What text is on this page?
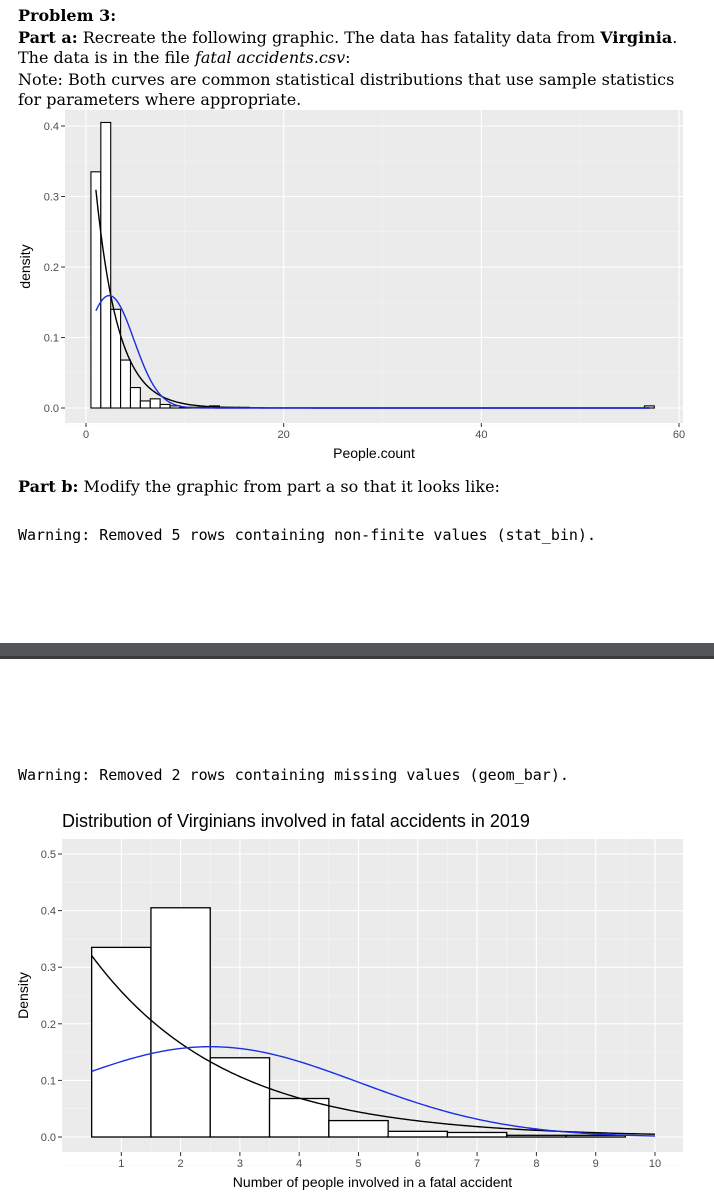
Problem 3:
Part a: Recreate the following graphic. The data has fatality data from Virginia. The data is in the file fatal accidents.csv:
Note: Both curves are common statistical distributions that use sample statistics for parameters where appropriate.
0.0
0.1
0.2
0.3
0.4
0	20	40	60
People.count
density
Part b: Modify the graphic from part a so that it looks like:
Warning: Removed 5 rows containing non-finite values (stat_bin).
Warning: Removed 2 rows containing missing values (geom_bar).
0.0
0.1
0.2
0.3
0.4
0.5
1	2	3	4	5	6	7	8	9	10
Number of people involved in a fatal accident
Density
Distribution of Virginians involved in fatal accidents in 2019
